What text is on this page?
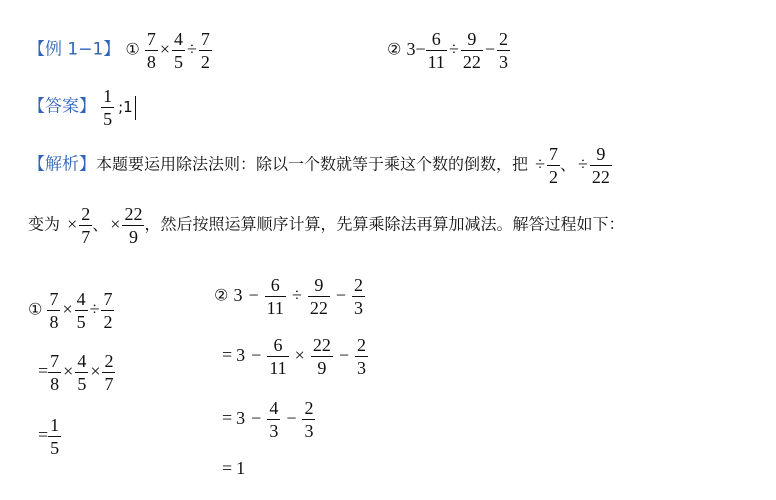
【例 1−1】 ① $\frac{7}{8} \times \frac{4}{5} \div \frac{7}{2}$	② $3- \frac{6}{11} \div \frac{9}{22} - \frac{2}{3}$
【答案】 $\frac{1}{5}$ ;1
【解析】本题要运用除法法则：除以一个数就等于乘这个数的倒数，把 ÷ $\frac{7}{2}$ 、 ÷ $\frac{9}{22}$
变为 × $\frac{2}{7}$ 、 × $\frac{22}{9}$ ，然后按照运算顺序计算，先算乘除法再算加减法。解答过程如下：
① $\frac{7}{8} \times \frac{4}{5} \div \frac{7}{2}$
= $\frac{7}{8} \times \frac{4}{5} \times \frac{2}{7}$
= $\frac{1}{5}$
② $3 - \frac{6}{11} \div \frac{9}{22} - \frac{2}{3}$
= $3 - \frac{6}{11} \times \frac{22}{9} - \frac{2}{3}$
= $3 - \frac{4}{3} - \frac{2}{3}$
= 1
